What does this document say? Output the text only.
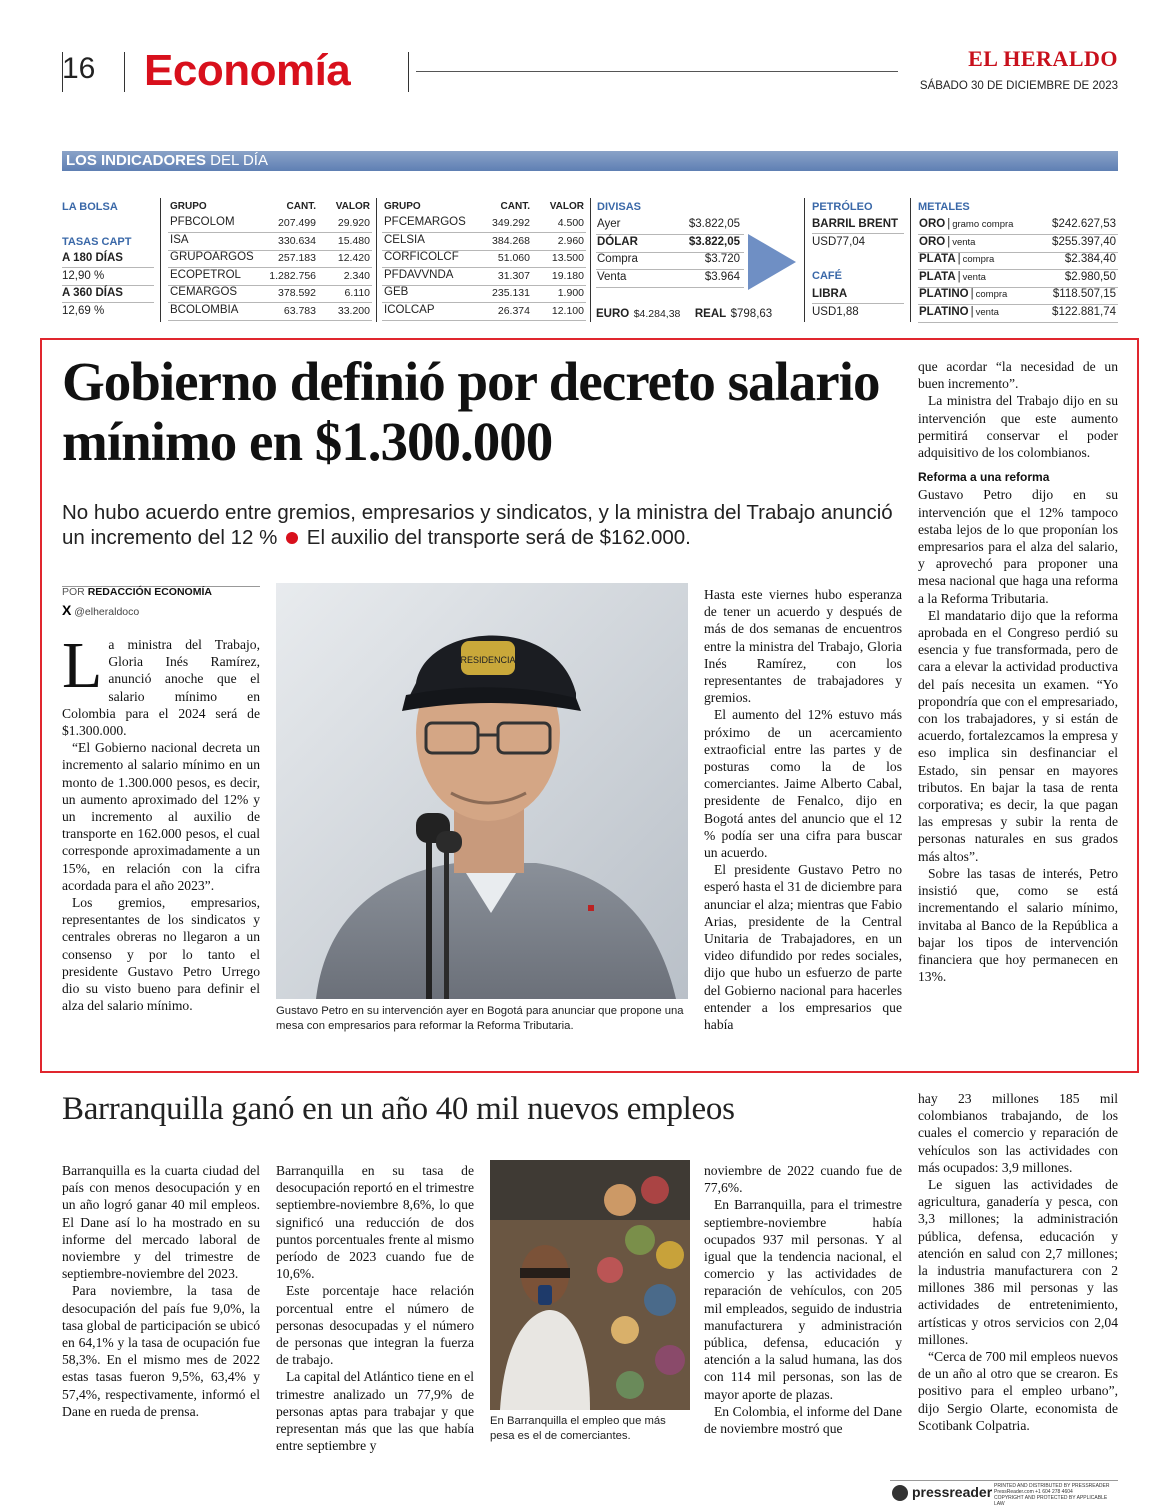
16 Economía	EL HERALDO
SÁBADO 30 DE DICIEMBRE DE 2023
LOS INDICADORES DEL DÍA
LA BOLSA
TASAS CAPT
A 180 DÍAS
12,90 %
A 360 DÍAS
12,69 %
GRUPO	CANT.	VALOR
PFBCOLOM	207.499	29.920
ISA	330.634	15.480
GRUPOARGOS	257.183	12.420
ECOPETROL	1.282.756	2.340
CEMARGOS	378.592	6.110
BCOLOMBIA	63.783	33.200
GRUPO	CANT.	VALOR
PFCEMARGOS	349.292	4.500
CELSIA	384.268	2.960
CORFICOLCF	51.060	13.500
PFDAVVNDA	31.307	19.180
GEB	235.131	1.900
ICOLCAP	26.374	12.100
DIVISAS
Ayer	$3.822,05
DÓLAR	$3.822,05
Compra	$3.720
Venta	$3.964
EURO $4.284,38 REAL $798,63
PETRÓLEO
BARRIL BRENT
USD77,04
CAFÉ
LIBRA
USD1,88
METALES
ORO | gramo compra	$242.627,53
ORO | venta	$255.397,40
PLATA | compra	$2.384,40
PLATA | venta	$2.980,50
PLATINO | compra	$118.507,15
PLATINO | venta	$122.881,74
Gobierno definió por decreto salario mínimo en $1.300.000
No hubo acuerdo entre gremios, empresarios y sindicatos, y la ministra del Trabajo anunció un incremento del 12 % El auxilio del transporte será de $162.000.
POR REDACCIÓN ECONOMÍA
X @elheraldoco
L a ministra del Trabajo, Gloria Inés Ramírez, anunció anoche que el salario mínimo en Colombia para el 2024 será de $1.300.000.

“El Gobierno nacional decreta un incremento al salario mínimo en un monto de 1.300.000 pesos, es decir, un aumento aproximado del 12% y un incremento al auxilio de transporte en 162.000 pesos, el cual corresponde aproximadamente a un 15%, en relación con la cifra acordada para el año 2023”.

Los gremios, empresarios, representantes de los sindicatos y centrales obreras no llegaron a un consenso y por lo tanto el presidente Gustavo Petro Urrego dio su visto bueno para definir el alza del salario mínimo.

RESIDENCIA
Gustavo Petro en su intervención ayer en Bogotá para anunciar que propone una mesa con empresarios para reformar la Reforma Tributaria.

Hasta este viernes hubo esperanza de tener un acuerdo y después de más de dos semanas de encuentros entre la ministra del Trabajo, Gloria Inés Ramírez, con los representantes de trabajadores y gremios.

El aumento del 12% estuvo más próximo de un acercamiento extraoficial entre las partes y de posturas como la de los comerciantes. Jaime Alberto Cabal, presidente de Fenalco, dijo en Bogotá antes del anuncio que el 12 % podía ser una cifra para buscar un acuerdo.

El presidente Gustavo Petro no esperó hasta el 31 de diciembre para anunciar el alza; mientras que Fabio Arias, presidente de la Central Unitaria de Trabajadores, en un video difundido por redes sociales, dijo que hubo un esfuerzo de parte del Gobierno nacional para hacerles entender a los empresarios que había

que acordar “la necesidad de un buen incremento”.

La ministra del Trabajo dijo en su intervención que este aumento permitirá conservar el poder adquisitivo de los colombianos.

Reforma a una reforma

Gustavo Petro dijo en su intervención que el 12% tampoco estaba lejos de lo que proponían los empresarios para el alza del salario, y aprovechó para proponer una mesa nacional que haga una reforma a la Reforma Tributaria.

El mandatario dijo que la reforma aprobada en el Congreso perdió su esencia y fue transformada, pero de cara a elevar la actividad productiva del país necesita un examen. “Yo propondría que con el empresariado, con los trabajadores, y si están de acuerdo, fortalezcamos la empresa y eso implica sin desfinanciar el Estado, sin pensar en mayores tributos. En bajar la tasa de renta corporativa; es decir, la que pagan las empresas y subir la renta de personas naturales en sus grados más altos”.

Sobre las tasas de interés, Petro insistió que, como se está incrementando el salario mínimo, invitaba al Banco de la República a bajar los tipos de intervención financiera que hoy permanecen en 13%.

Barranquilla ganó en un año 40 mil nuevos empleos

Barranquilla es la cuarta ciudad del país con menos desocupación y en un año logró ganar 40 mil empleos. El Dane así lo ha mostrado en su informe del mercado laboral de noviembre y del trimestre de septiembre-noviembre del 2023.

Para noviembre, la tasa de desocupación del país fue 9,0%, la tasa global de participación se ubicó en 64,1% y la tasa de ocupación fue 58,3%. En el mismo mes de 2022 estas tasas fueron 9,5%, 63,4% y 57,4%, respectivamente, informó el Dane en rueda de prensa.

Barranquilla en su tasa de desocupación reportó en el trimestre septiembre-noviembre 8,6%, lo que significó una reducción de dos puntos porcentuales frente al mismo período de 2023 cuando fue de 10,6%.

Este porcentaje hace relación porcentual entre el número de personas desocupadas y el número de personas que integran la fuerza de trabajo.

La capital del Atlántico tiene en el trimestre analizado un 77,9% de personas aptas para trabajar y que representan más que las que había entre septiembre y

En Barranquilla el empleo que más pesa es el de comerciantes.

noviembre de 2022 cuando fue de 77,6%.

En Barranquilla, para el trimestre septiembre-noviembre había ocupados 937 mil personas. Y al igual que la tendencia nacional, el comercio y las actividades de reparación de vehículos, con 205 mil empleados, seguido de industria manufacturera y administración pública, defensa, educación y atención a la salud humana, las dos con 114 mil personas, son las de mayor aporte de plazas.

En Colombia, el informe del Dane de noviembre mostró que

hay 23 millones 185 mil colombianos trabajando, de los cuales el comercio y reparación de vehículos son las actividades con más ocupados: 3,9 millones.

Le siguen las actividades de agricultura, ganadería y pesca, con 3,3 millones; la administración pública, defensa, educación y atención en salud con 2,7 millones; la industria manufacturera con 2 millones 386 mil personas y las actividades de entretenimiento, artísticas y otros servicios con 2,04 millones.

“Cerca de 700 mil empleos nuevos de un año al otro que se crearon. Es positivo para el empleo urbano”, dijo Sergio Olarte, economista de Scotibank Colpatria.

pressreader PRINTED AND DISTRIBUTED BY PRESSREADER
PressReader.com +1 604 278 4604
COPYRIGHT AND PROTECTED BY APPLICABLE LAW
